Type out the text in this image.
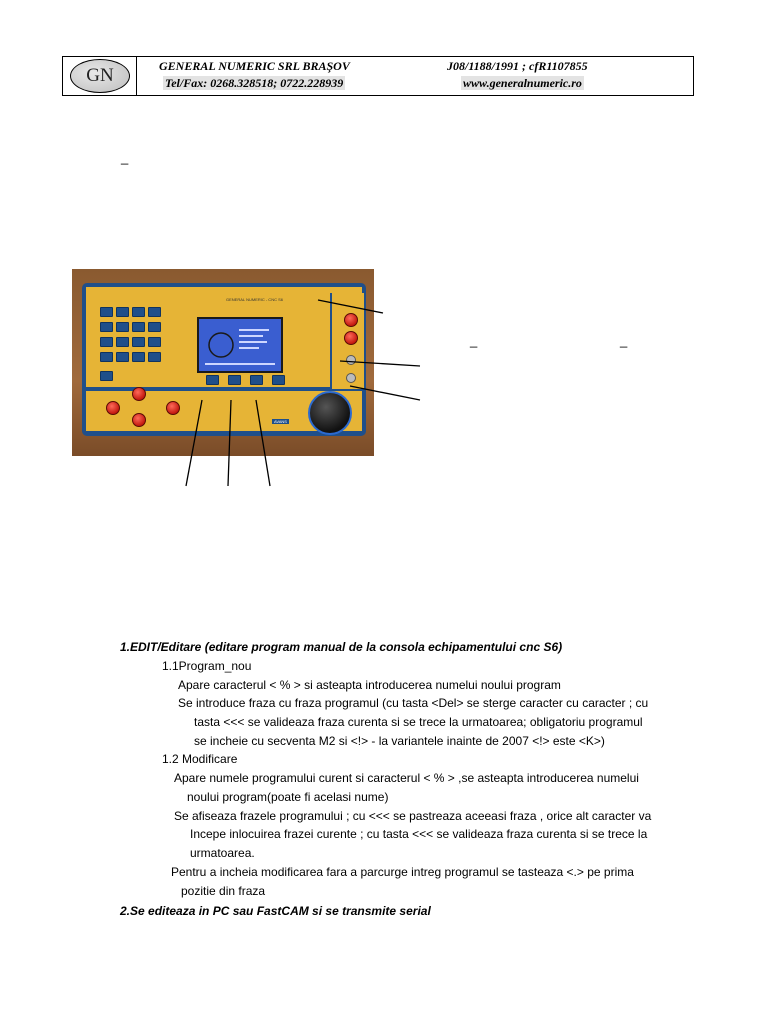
GN	GENERAL NUMERIC SRL BRAŞOV	J08/1188/1991 ; cfR1107855
Tel/Fax: 0268.328518; 0722.228939	www.generalnumeric.ro
_
_	_
GENERAL NUMERIC - CNC S6
AVANS
1.EDIT/Editare (editare program manual de la consola echipamentului cnc S6)
1.1Program_nou
Apare caracterul < % > si asteapta introducerea numelui noului program
Se introduce fraza cu fraza programul (cu tasta <Del> se sterge caracter cu caracter ; cu
tasta <<< se valideaza fraza curenta si se trece la urmatoarea; obligatoriu programul
se incheie cu secventa M2 si <!> - la variantele inainte de 2007 <!> este <K>)
1.2 Modificare
Apare numele programului curent si caracterul < % > ,se asteapta introducerea numelui
noului program(poate fi acelasi nume)
Se afiseaza frazele programului ; cu <<< se pastreaza aceeasi fraza , orice alt caracter va
Incepe inlocuirea frazei curente ; cu tasta <<< se valideaza fraza curenta si se trece la
urmatoarea.
Pentru a incheia modificarea fara a parcurge intreg programul se tasteaza <.> pe prima
pozitie din fraza
2.Se editeaza in PC sau FastCAM si se transmite serial
